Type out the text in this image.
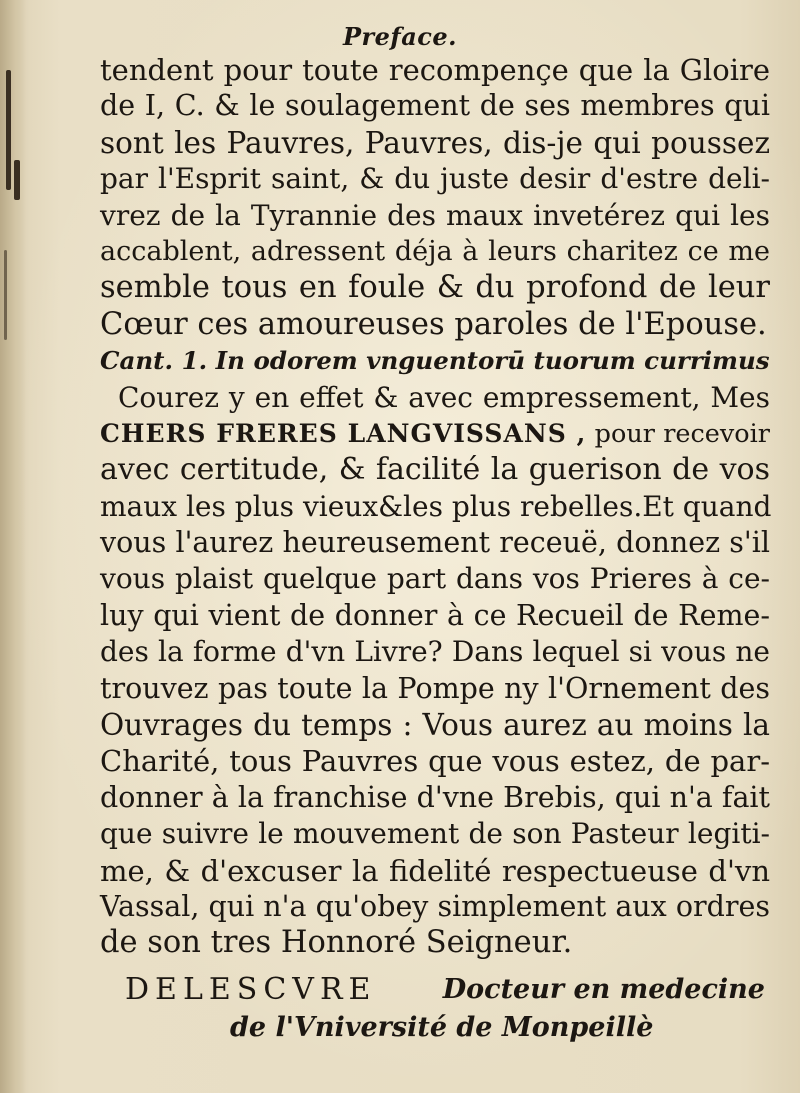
Preface.
tendent pour toute recompençe que la Gloire
de I, C. & le soulagement de ses membres qui
sont les Pauvres, Pauvres, dis-je qui poussez
par l'Esprit saint, & du juste desir d'estre deli-
vrez de la Tyrannie des maux invetérez qui les
accablent, adressent déja à leurs charitez ce me
semble tous en foule & du profond de leur
Cœur ces amoureuses paroles de l'Epouse.
Cant. 1. In odorem vnguentorū tuorum currimus
Courez y en effet & avec empressement, Mes
CHERS FRERES LANGVISSANS , pour recevoir
avec certitude, & facilité la guerison de vos
maux les plus vieux&les plus rebelles.Et quand
vous l'aurez heureusement receuë, donnez s'il
vous plaist quelque part dans vos Prieres à ce-
luy qui vient de donner à ce Recueil de Reme-
des la forme d'vn Livre? Dans lequel si vous ne
trouvez pas toute la Pompe ny l'Ornement des
Ouvrages du temps : Vous aurez au moins la
Charité, tous Pauvres que vous estez, de par-
donner à la franchise d'vne Brebis, qui n'a fait
que suivre le mouvement de son Pasteur legiti-
me, & d'excuser la fidelité respectueuse d'vn
Vassal, qui n'a qu'obey simplement aux ordres
de son tres Honnoré Seigneur.
DELESCVRE Docteur en medecine
de l'Vniversité de Monpeillè
